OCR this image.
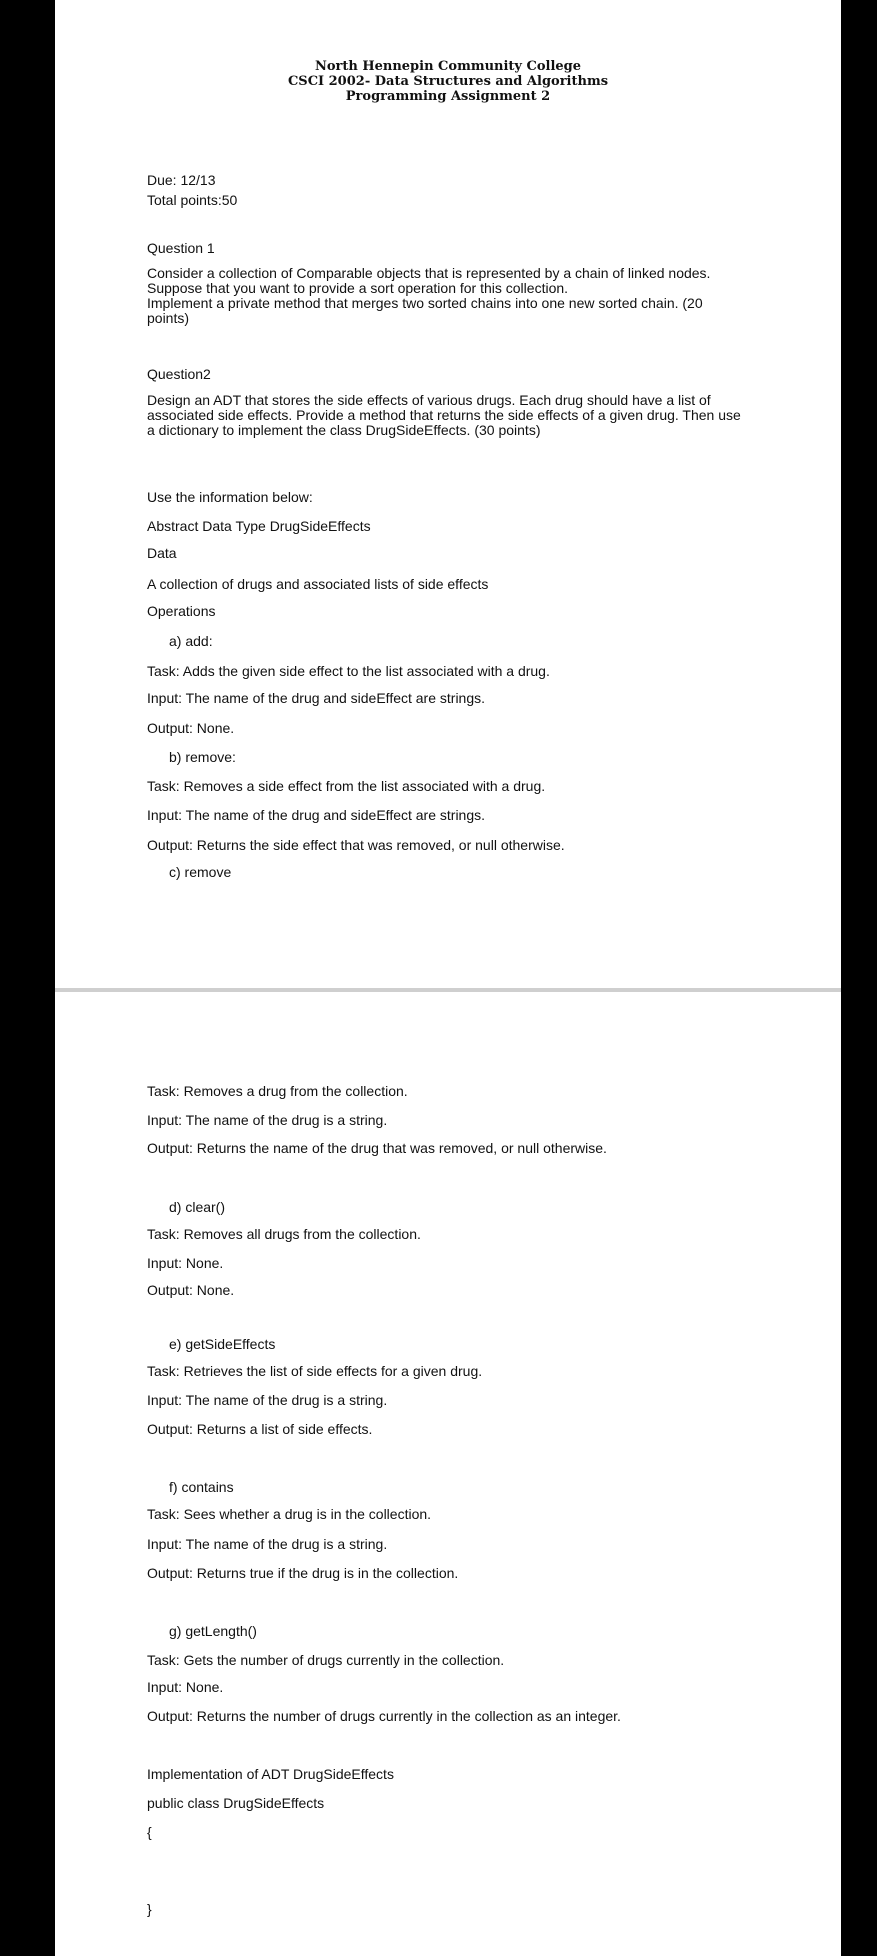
North Hennepin Community College
CSCI 2002- Data Structures and Algorithms
Programming Assignment 2
Due: 12/13
Total points:50
Question 1
Consider a collection of Comparable objects that is represented by a chain of linked nodes.
Suppose that you want to provide a sort operation for this collection.
Implement a private method that merges two sorted chains into one new sorted chain. (20
points)
Question2
Design an ADT that stores the side effects of various drugs. Each drug should have a list of
associated side effects. Provide a method that returns the side effects of a given drug. Then use
a dictionary to implement the class DrugSideEffects. (30 points)
Use the information below:
Abstract Data Type DrugSideEffects
Data
A collection of drugs and associated lists of side effects
Operations
a) add:
Task: Adds the given side effect to the list associated with a drug.
Input: The name of the drug and sideEffect are strings.
Output: None.
b) remove:
Task: Removes a side effect from the list associated with a drug.
Input: The name of the drug and sideEffect are strings.
Output: Returns the side effect that was removed, or null otherwise.
c) remove
Task: Removes a drug from the collection.
Input: The name of the drug is a string.
Output: Returns the name of the drug that was removed, or null otherwise.
d) clear()
Task: Removes all drugs from the collection.
Input: None.
Output: None.
e) getSideEffects
Task: Retrieves the list of side effects for a given drug.
Input: The name of the drug is a string.
Output: Returns a list of side effects.
f) contains
Task: Sees whether a drug is in the collection.
Input: The name of the drug is a string.
Output: Returns true if the drug is in the collection.
g) getLength()
Task: Gets the number of drugs currently in the collection.
Input: None.
Output: Returns the number of drugs currently in the collection as an integer.
Implementation of ADT DrugSideEffects
public class DrugSideEffects
{
}
